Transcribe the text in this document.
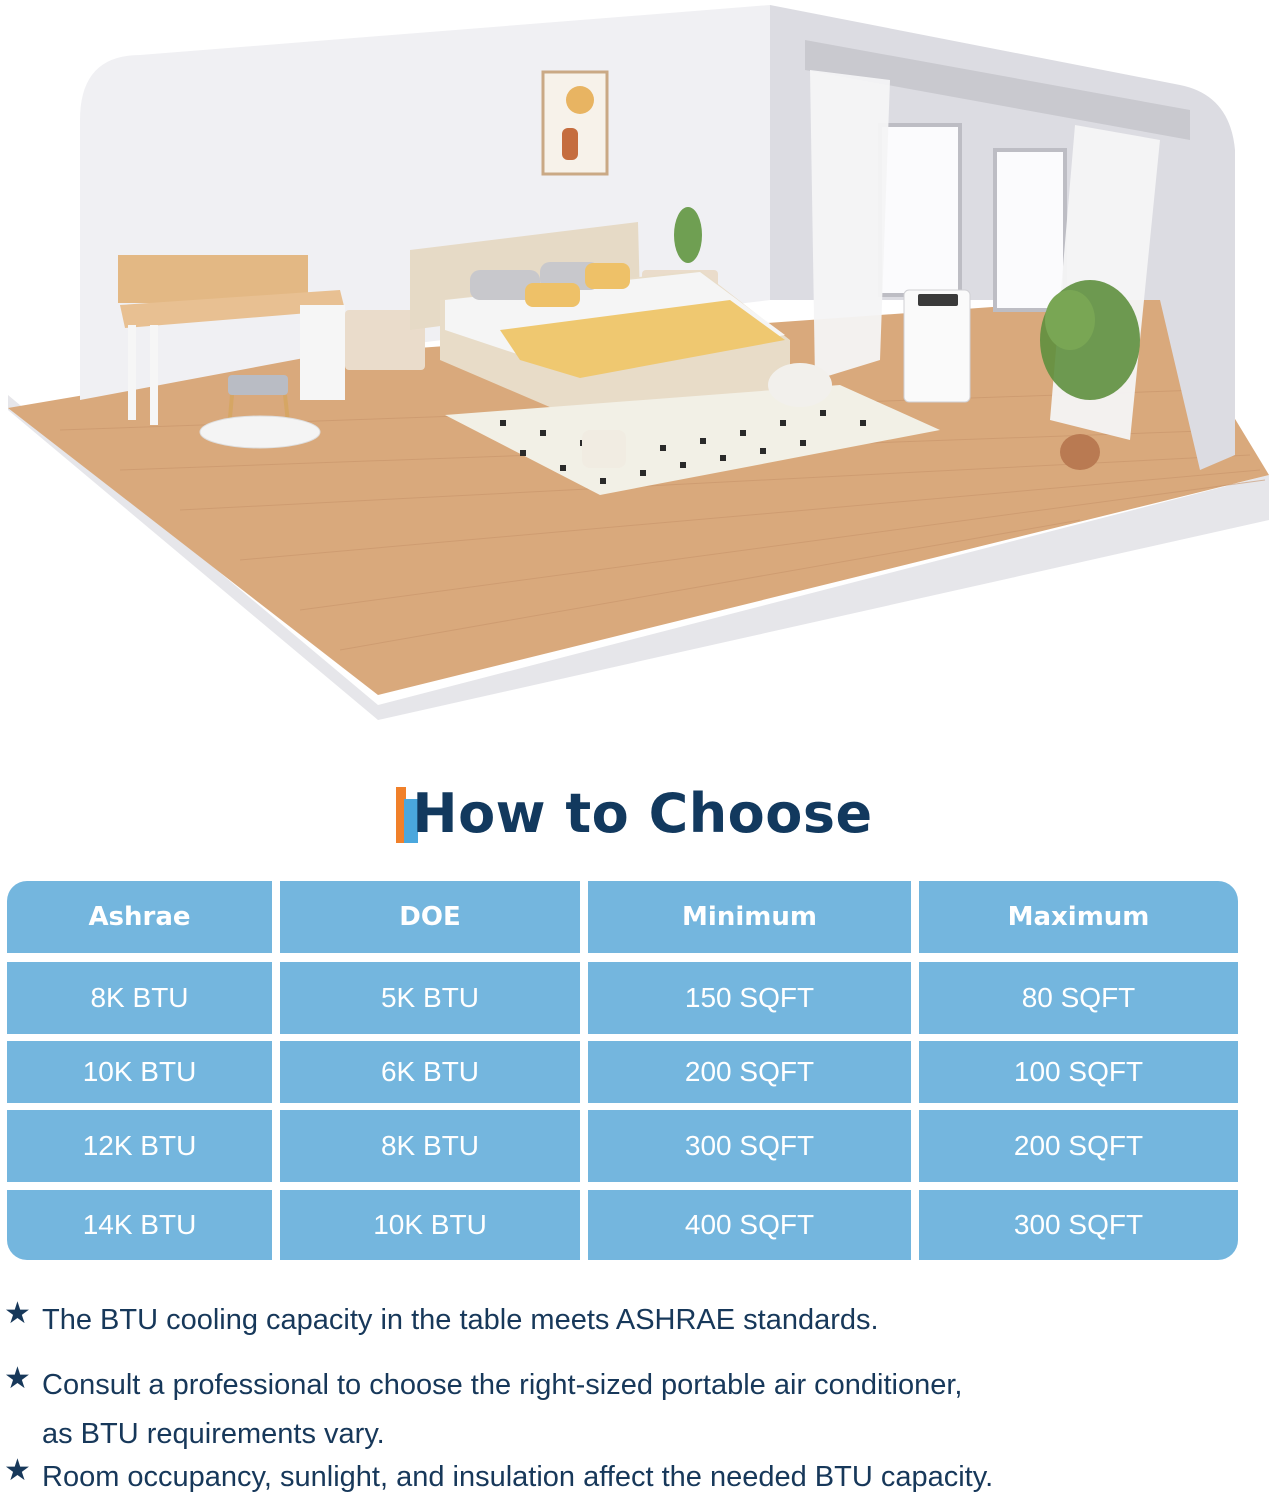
How to Choose
Ashrae	DOE	Minimum	Maximum
8K BTU	5K BTU	150 SQFT	80 SQFT
10K BTU	6K BTU	200 SQFT	100 SQFT
12K BTU	8K BTU	300 SQFT	200 SQFT
14K BTU	10K BTU	400 SQFT	300 SQFT
★ The BTU cooling capacity in the table meets ASHRAE standards.
★ Consult a professional to choose the right-sized portable air conditioner,
as BTU requirements vary.
★ Room occupancy, sunlight, and insulation affect the needed BTU capacity.
